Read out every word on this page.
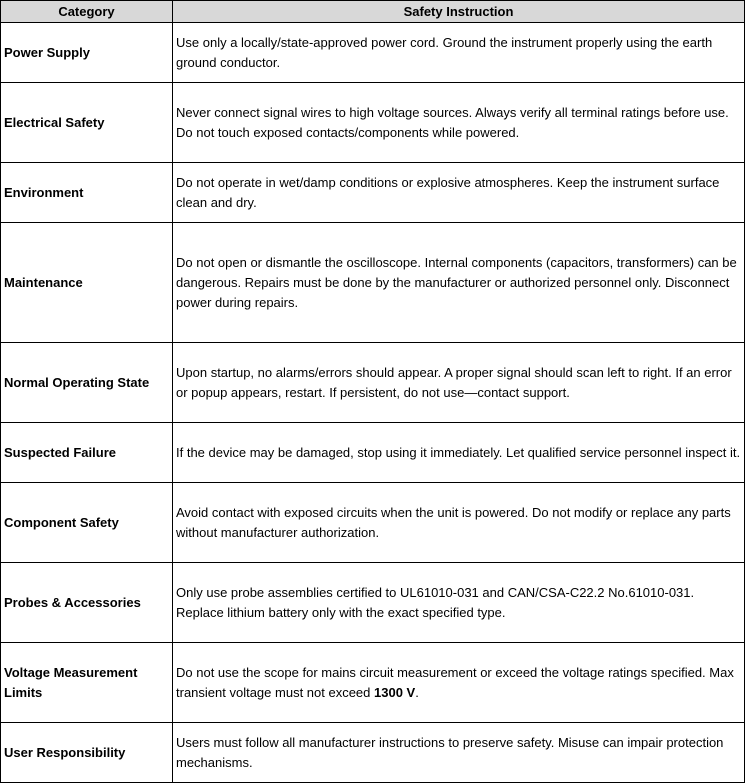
Category	Safety Instruction
Power Supply	Use only a locally/state-approved power cord. Ground the instrument properly using the earth ground conductor.
Electrical Safety	Never connect signal wires to high voltage sources. Always verify all terminal ratings before use. Do not touch exposed contacts/components while powered.
Environment	Do not operate in wet/damp conditions or explosive atmospheres. Keep the instrument surface clean and dry.
Maintenance	Do not open or dismantle the oscilloscope. Internal components (capacitors, transformers) can be dangerous. Repairs must be done by the manufacturer or authorized personnel only. Disconnect power during repairs.
Normal Operating State	Upon startup, no alarms/errors should appear. A proper signal should scan left to right. If an error or popup appears, restart. If persistent, do not use—contact support.
Suspected Failure	If the device may be damaged, stop using it immediately. Let qualified service personnel inspect it.
Component Safety	Avoid contact with exposed circuits when the unit is powered. Do not modify or replace any parts without manufacturer authorization.
Probes & Accessories	Only use probe assemblies certified to UL61010-031 and CAN/CSA-C22.2 No.61010-031. Replace lithium battery only with the exact specified type.
Voltage Measurement Limits	Do not use the scope for mains circuit measurement or exceed the voltage ratings specified. Max transient voltage must not exceed 1300 V.
User Responsibility	Users must follow all manufacturer instructions to preserve safety. Misuse can impair protection mechanisms.
